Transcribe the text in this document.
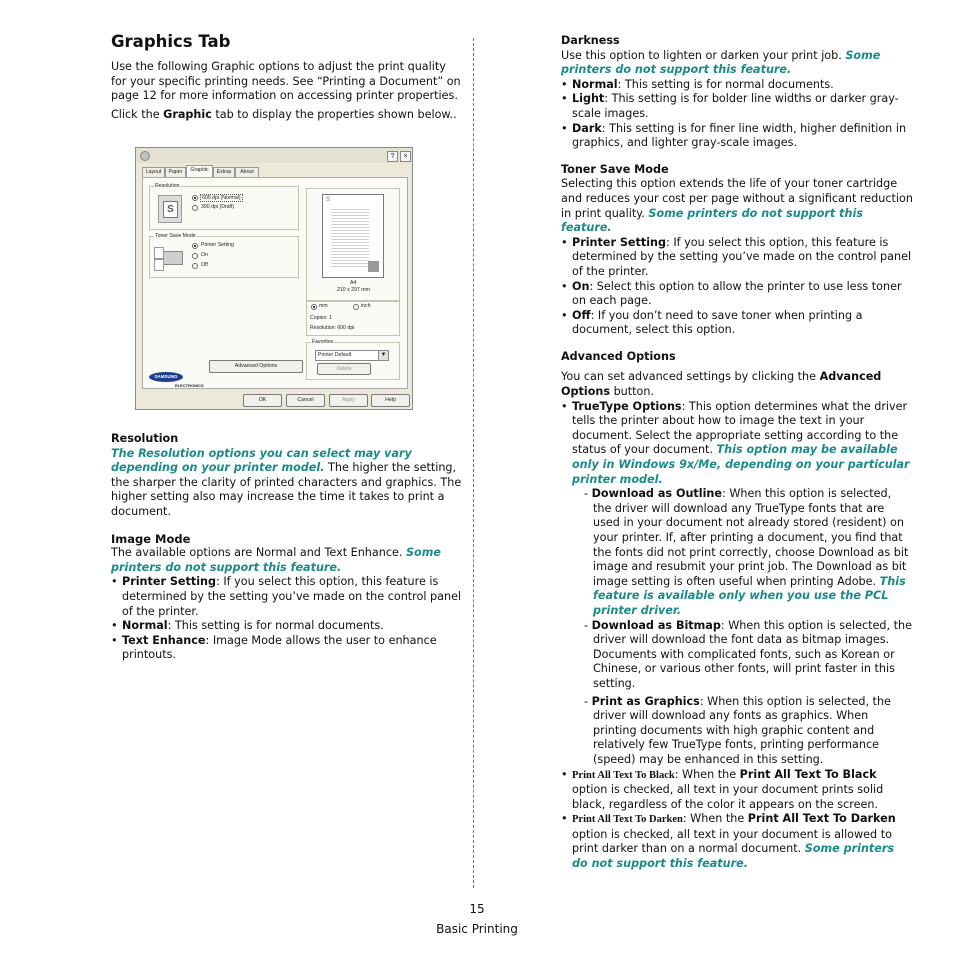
Graphics Tab

Use the following Graphic options to adjust the print quality for your specific printing needs. See “Printing a Document” on page 12 for more information on accessing printer properties.

Click the Graphic tab to display the properties shown below..

?	×
Layout	Paper	Graphic	Extras	About
Resolution
S
600 dpi (Normal)
300 dpi (Draft)
Toner Save Mode
Printer Setting
On
Off
S
A4
210 x 297 mm
mm	inch
Copies: 1
Resolution: 600 dpi
Favorites
Printer Default	▼
Delete
Advanced Options
SAMSUNG
ELECTRONICS
OK	Cancel	Apply	Help
Resolution

The Resolution options you can select may vary depending on your printer model. The higher the setting, the sharper the clarity of printed characters and graphics. The higher setting also may increase the time it takes to print a document.

Image Mode

The available options are Normal and Text Enhance. Some printers do not support this feature.

• Printer Setting: If you select this option, this feature is determined by the setting you’ve made on the control panel of the printer.
• Normal: This setting is for normal documents.
• Text Enhance: Image Mode allows the user to enhance printouts.
Darkness

Use this option to lighten or darken your print job. Some printers do not support this feature.

• Normal: This setting is for normal documents.
• Light: This setting is for bolder line widths or darker gray-scale images.
• Dark: This setting is for finer line width, higher definition in graphics, and lighter gray-scale images.
Toner Save Mode

Selecting this option extends the life of your toner cartridge and reduces your cost per page without a significant reduction in print quality. Some printers do not support this feature.

• Printer Setting: If you select this option, this feature is determined by the setting you’ve made on the control panel of the printer.
• On: Select this option to allow the printer to use less toner on each page.
• Off: If you don’t need to save toner when printing a document, select this option.
Advanced Options

You can set advanced settings by clicking the Advanced Options button.

• TrueType Options: This option determines what the driver tells the printer about how to image the text in your document. Select the appropriate setting according to the status of your document. This option may be available only in Windows 9x/Me, depending on your particular printer model.
- Download as Outline: When this option is selected, the driver will download any TrueType fonts that are used in your document not already stored (resident) on your printer. If, after printing a document, you find that the fonts did not print correctly, choose Download as bit image and resubmit your print job. The Download as bit image setting is often useful when printing Adobe. This feature is available only when you use the PCL printer driver.
- Download as Bitmap: When this option is selected, the driver will download the font data as bitmap images. Documents with complicated fonts, such as Korean or Chinese, or various other fonts, will print faster in this setting.
- Print as Graphics: When this option is selected, the driver will download any fonts as graphics. When printing documents with high graphic content and relatively few TrueType fonts, printing performance (speed) may be enhanced in this setting.
• Print All Text To Black: When the Print All Text To Black option is checked, all text in your document prints solid black, regardless of the color it appears on the screen.
• Print All Text To Darken: When the Print All Text To Darken option is checked, all text in your document is allowed to print darker than on a normal document. Some printers do not support this feature.
15
Basic Printing
